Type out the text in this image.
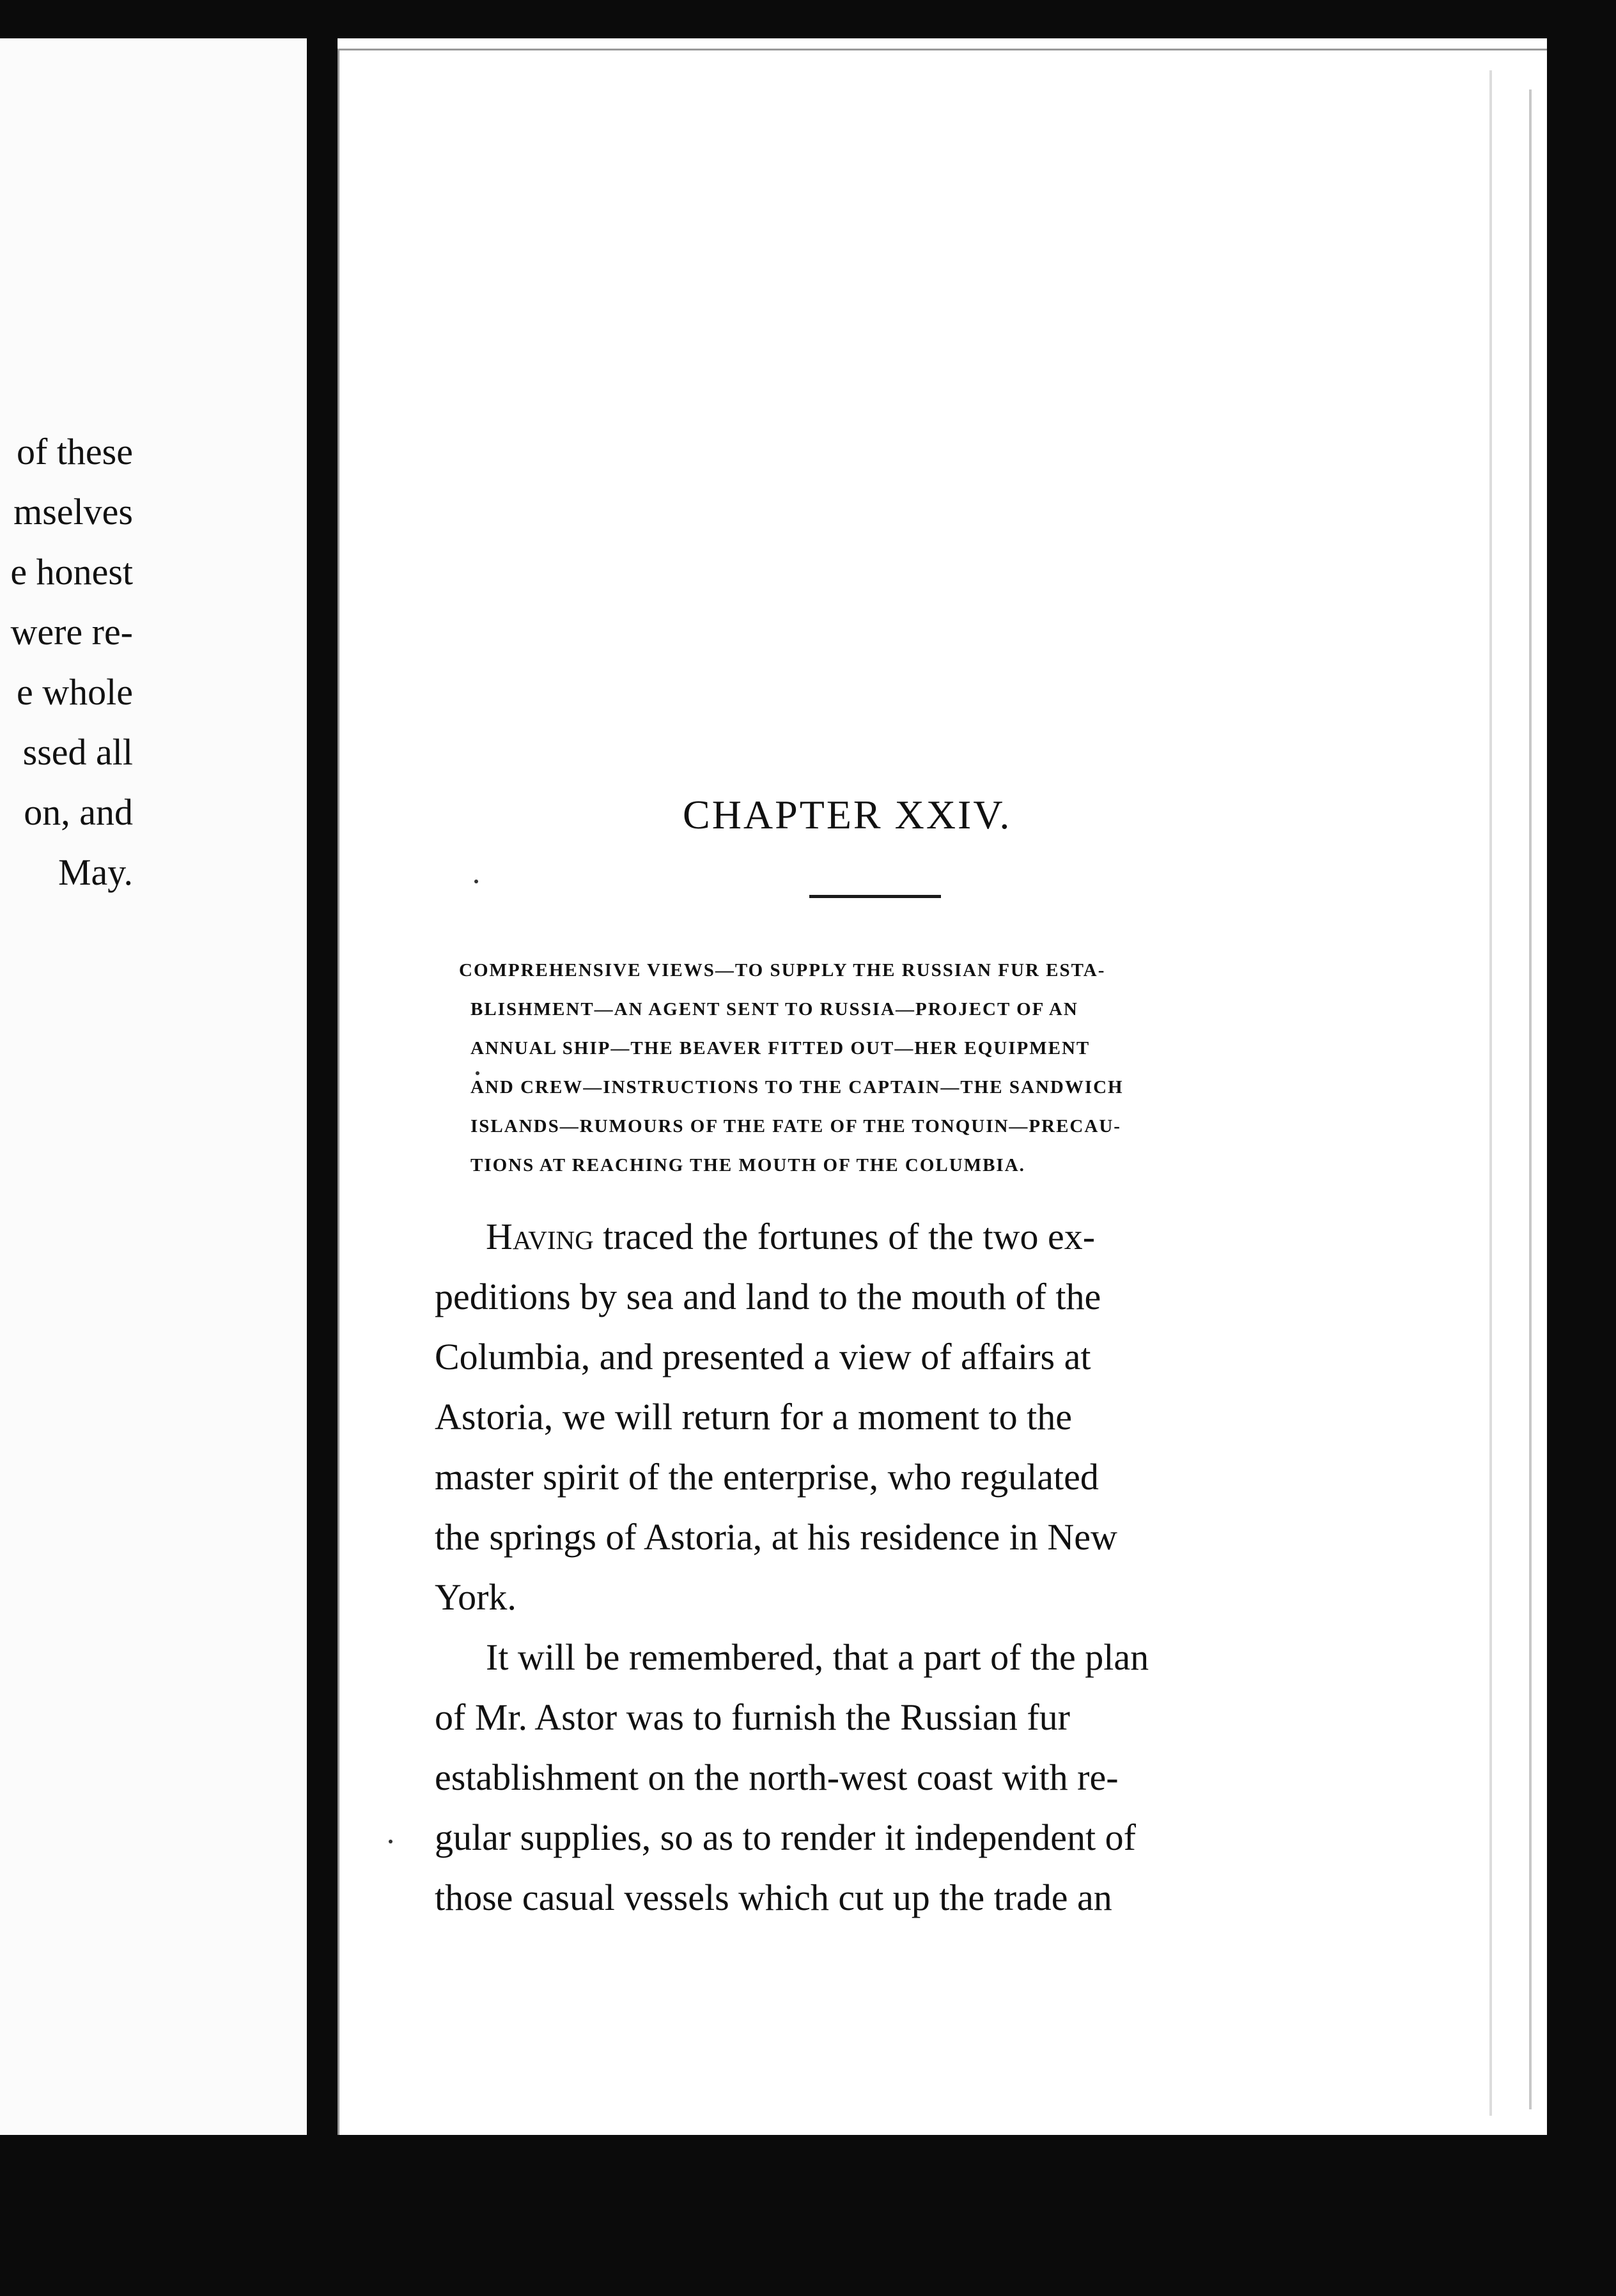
of these
mselves
e honest
were re-
e whole
ssed all
on, and
May.
CHAPTER XXIV.
COMPREHENSIVE VIEWS—TO SUPPLY THE RUSSIAN FUR ESTA-
BLISHMENT—AN AGENT SENT TO RUSSIA—PROJECT OF AN
ANNUAL SHIP—THE BEAVER FITTED OUT—HER EQUIPMENT
AND CREW—INSTRUCTIONS TO THE CAPTAIN—THE SANDWICH
ISLANDS—RUMOURS OF THE FATE OF THE TONQUIN—PRECAU-
TIONS AT REACHING THE MOUTH OF THE COLUMBIA.
Having traced the fortunes of the two ex-
peditions by sea and land to the mouth of the
Columbia, and presented a view of affairs at
Astoria, we will return for a moment to the
master spirit of the enterprise, who regulated
the springs of Astoria, at his residence in New
York.
It will be remembered, that a part of the plan
of Mr. Astor was to furnish the Russian fur
establishment on the north-west coast with re-
gular supplies, so as to render it independent of
those casual vessels which cut up the trade an
